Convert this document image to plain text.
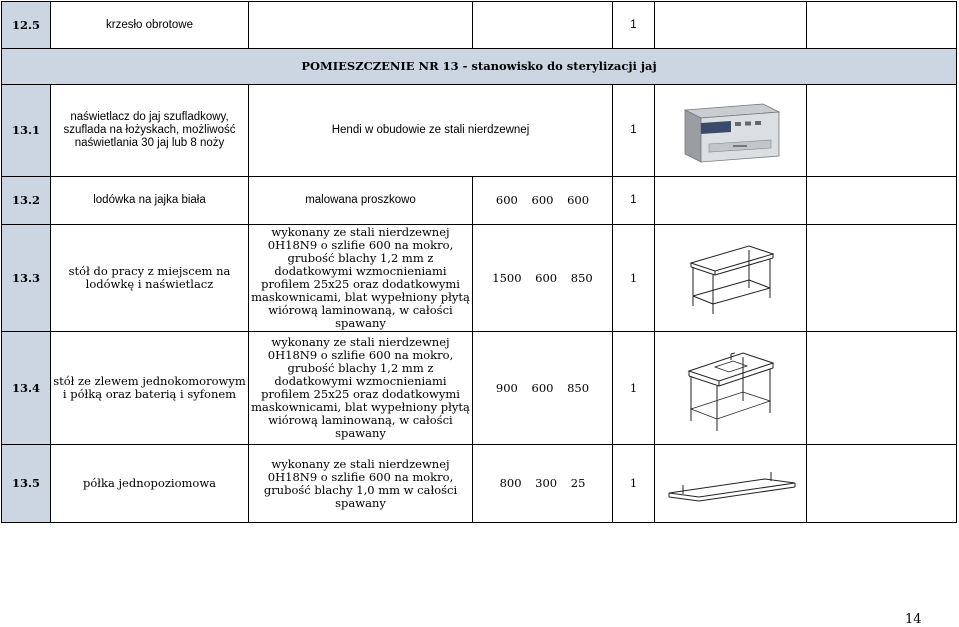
12.5	krzesło obrotowe			1		
POMIESZCZENIE NR 13 - stanowisko do sterylizacji jaj						
13.1	naświetlacz do jaj szufladkowy, szuflada na łożyskach, możliwość naświetlania 30 jaj lub 8 noży	Hendi w obudowie ze stali nierdzewnej		1	

13.2	lodówka na jajka biała	malowana proszkowo	600 600 600	1		
13.3	stół do pracy z miejscem na lodówkę i naświetlacz	wykonany ze stali nierdzewnej 0H18N9 o szlifie 600 na mokro, grubość blachy 1,2 mm z dodatkowymi wzmocnieniami profilem 25x25 oraz dodatkowymi maskownicami, blat wypełniony płytą wiórową laminowaną, w całości spawany	1500 600 850	1	

13.4	stół ze zlewem jednokomorowym i półką oraz baterią i syfonem	wykonany ze stali nierdzewnej 0H18N9 o szlifie 600 na mokro, grubość blachy 1,2 mm z dodatkowymi wzmocnieniami profilem 25x25 oraz dodatkowymi maskownicami, blat wypełniony płytą wiórową laminowaną, w całości spawany	900 600 850	1	

13.5	półka jednopoziomowa	wykonany ze stali nierdzewnej 0H18N9 o szlifie 600 na mokro, grubość blachy 1,0 mm w całości spawany	800 300 25	1	

14
